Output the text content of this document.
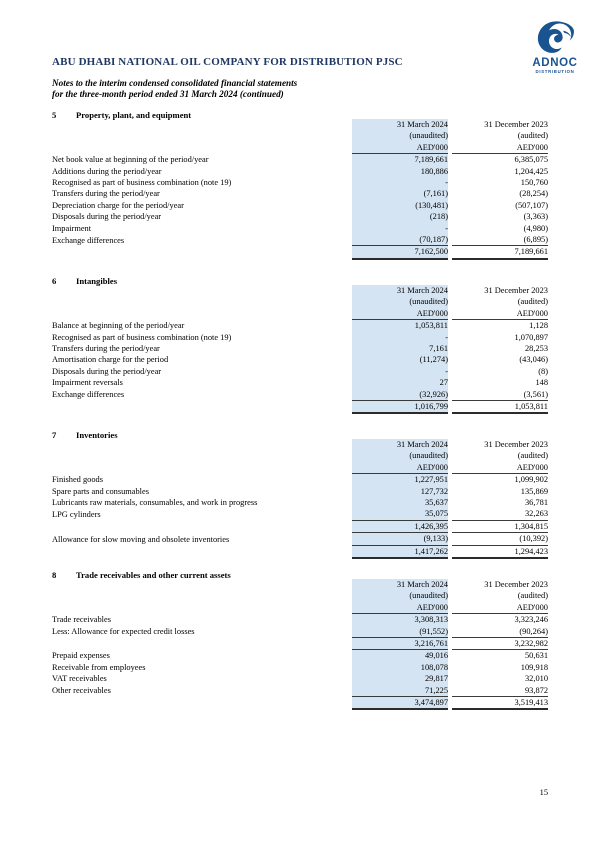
ADNOC
DISTRIBUTION
ABU DHABI NATIONAL OIL COMPANY FOR DISTRIBUTION PJSC
Notes to the interim condensed consolidated financial statements
for the three-month period ended 31 March 2024 (continued)
5 Property, plant, and equipment
	31 March 2024		31 December 2023
	(unaudited)		(audited)
	AED'000		AED'000
Net book value at beginning of the period/year	7,189,661		6,385,075
Additions during the period/year	180,886		1,204,425
Recognised as part of business combination (note 19)	-		150,760
Transfers during the period/year	(7,161)		(28,254)
Depreciation charge for the period/year	(130,481)		(507,107)
Disposals during the period/year	(218)		(3,363)
Impairment	-		(4,980)
Exchange differences	(70,187)		(6,895)
	7,162,500		7,189,661
6 Intangibles
	31 March 2024		31 December 2023
	(unaudited)		(audited)
	AED'000		AED'000
Balance at beginning of the period/year	1,053,811		1,128
Recognised as part of business combination (note 19)	-		1,070,897
Transfers during the period/year	7,161		28,253
Amortisation charge for the period	(11,274)		(43,046)
Disposals during the period/year	-		(8)
Impairment reversals	27		148
Exchange differences	(32,926)		(3,561)
	1,016,799		1,053,811
7 Inventories
	31 March 2024		31 December 2023
	(unaudited)		(audited)
	AED'000		AED'000
Finished goods	1,227,951		1,099,902
Spare parts and consumables	127,732		135,869
Lubricants raw materials, consumables, and work in progress	35,637		36,781
LPG cylinders	35,075		32,263
	1,426,395		1,304,815
Allowance for slow moving and obsolete inventories	(9,133)		(10,392)
	1,417,262		1,294,423
8 Trade receivables and other current assets
	31 March 2024		31 December 2023
	(unaudited)		(audited)
	AED'000		AED'000
Trade receivables	3,308,313		3,323,246
Less: Allowance for expected credit losses	(91,552)		(90,264)
	3,216,761		3,232,982
Prepaid expenses	49,016		50,631
Receivable from employees	108,078		109,918
VAT receivables	29,817		32,010
Other receivables	71,225		93,872
	3,474,897		3,519,413
15
